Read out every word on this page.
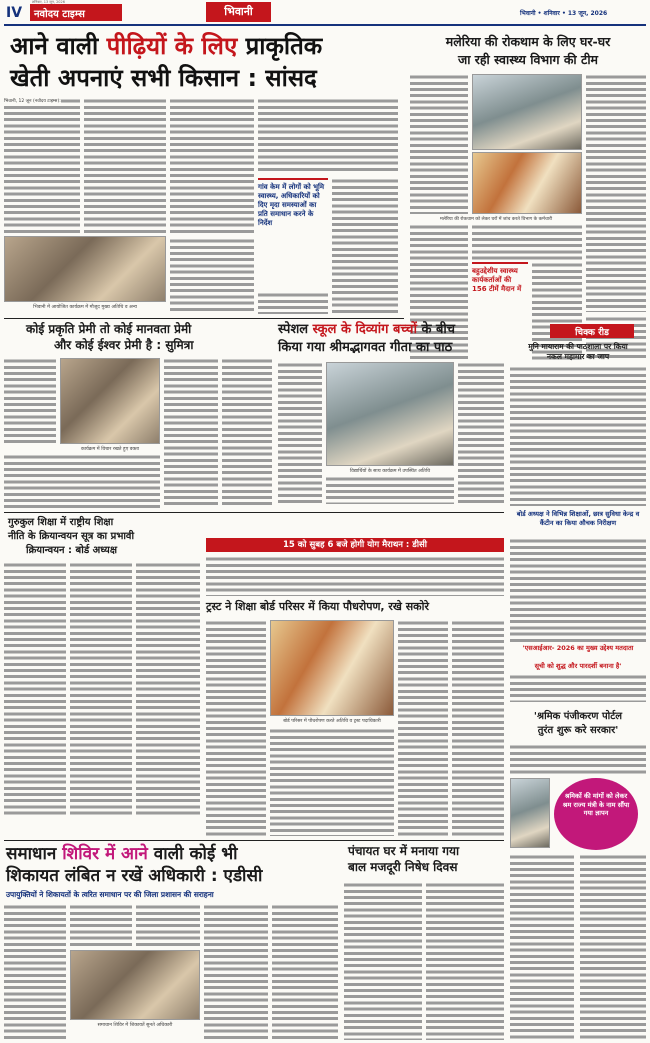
IV	नवोदय टाइम्स
शनिवार, 13 जून, 2026
भिवानी	भिवानी • शनिवार • 13 जून, 2026
आने वाली पीढ़ियों के लिए प्राकृतिक
खेती अपनाएं सभी किसान : सांसद
भिवानी, 12 जून (नवोदय टाइम्स):
गांव केम में लोगों को भूमि स्वास्थ्य, अधिकारियों को दिए मृदा समस्याओं का प्रति समाधान करने के निर्देश
भिवानी में आयोजित कार्यक्रम में मौजूद मुख्य अतिथि व अन्य
मलेरिया की रोकथाम के लिए घर-घर
जा रही स्वास्थ्य विभाग की टीम
मलेरिया की रोकथाम को लेकर घरों में जांच करते विभाग के कर्मचारी
बहुउद्देशीय स्वास्थ्य कार्यकर्ताओं की 156 टीमें मैदान में
कोई प्रकृति प्रेमी तो कोई मानवता प्रेमी
और कोई ईश्वर प्रेमी है : सुमित्रा
कार्यक्रम में विचार रखते हुए वक्ता
स्पेशल स्कूल के दिव्यांग बच्चों के बीच
किया गया श्रीमद्भागवत गीता का पाठ
विद्यार्थियों के साथ कार्यक्रम में उपस्थित अतिथि
चिक्क रीड
मुनि मायाराम की पाठशाला पर किया
नकल महामार का जाप
बोर्ड अध्यक्ष ने विभिन्न शिक्षाओं, छात्र सुविधा केन्द्र व कैंटीन का किया औचक निरीक्षण
'एसआईआर- 2026 का मुख्य उद्देश्य मतदाता
सूची को शुद्ध और पारदर्शी बनाना है'
गुरुकुल शिक्षा में राष्ट्रीय शिक्षा
नीति के क्रियान्वयन सूत्र का प्रभावी
क्रियान्वयन : बोर्ड अध्यक्ष	15 को सुबह 6 बजे होगी योग मैराथन : डीसी
ट्रस्ट ने शिक्षा बोर्ड परिसर में किया पौधरोपण, रखे सकोरे
बोर्ड परिसर में पौधरोपण करते अतिथि व ट्रस्ट पदाधिकारी	'श्रमिक पंजीकरण पोर्टल
तुरंत शुरू करे सरकार'
श्रमिकों की मांगों को लेकर श्रम राज्य मंत्री के नाम सौंपा गया ज्ञापन
समाधान शिविर में आने वाली कोई भी
शिकायत लंबित न रखें अधिकारी : एडीसी
उपायुक्तियों ने शिकायतों के त्वरित समाधान पर की जिला प्रशासन की सराहना
समाधान शिविर में शिकायतें सुनते अधिकारी
पंचायत घर में मनाया गया
बाल मजदूरी निषेध दिवस
